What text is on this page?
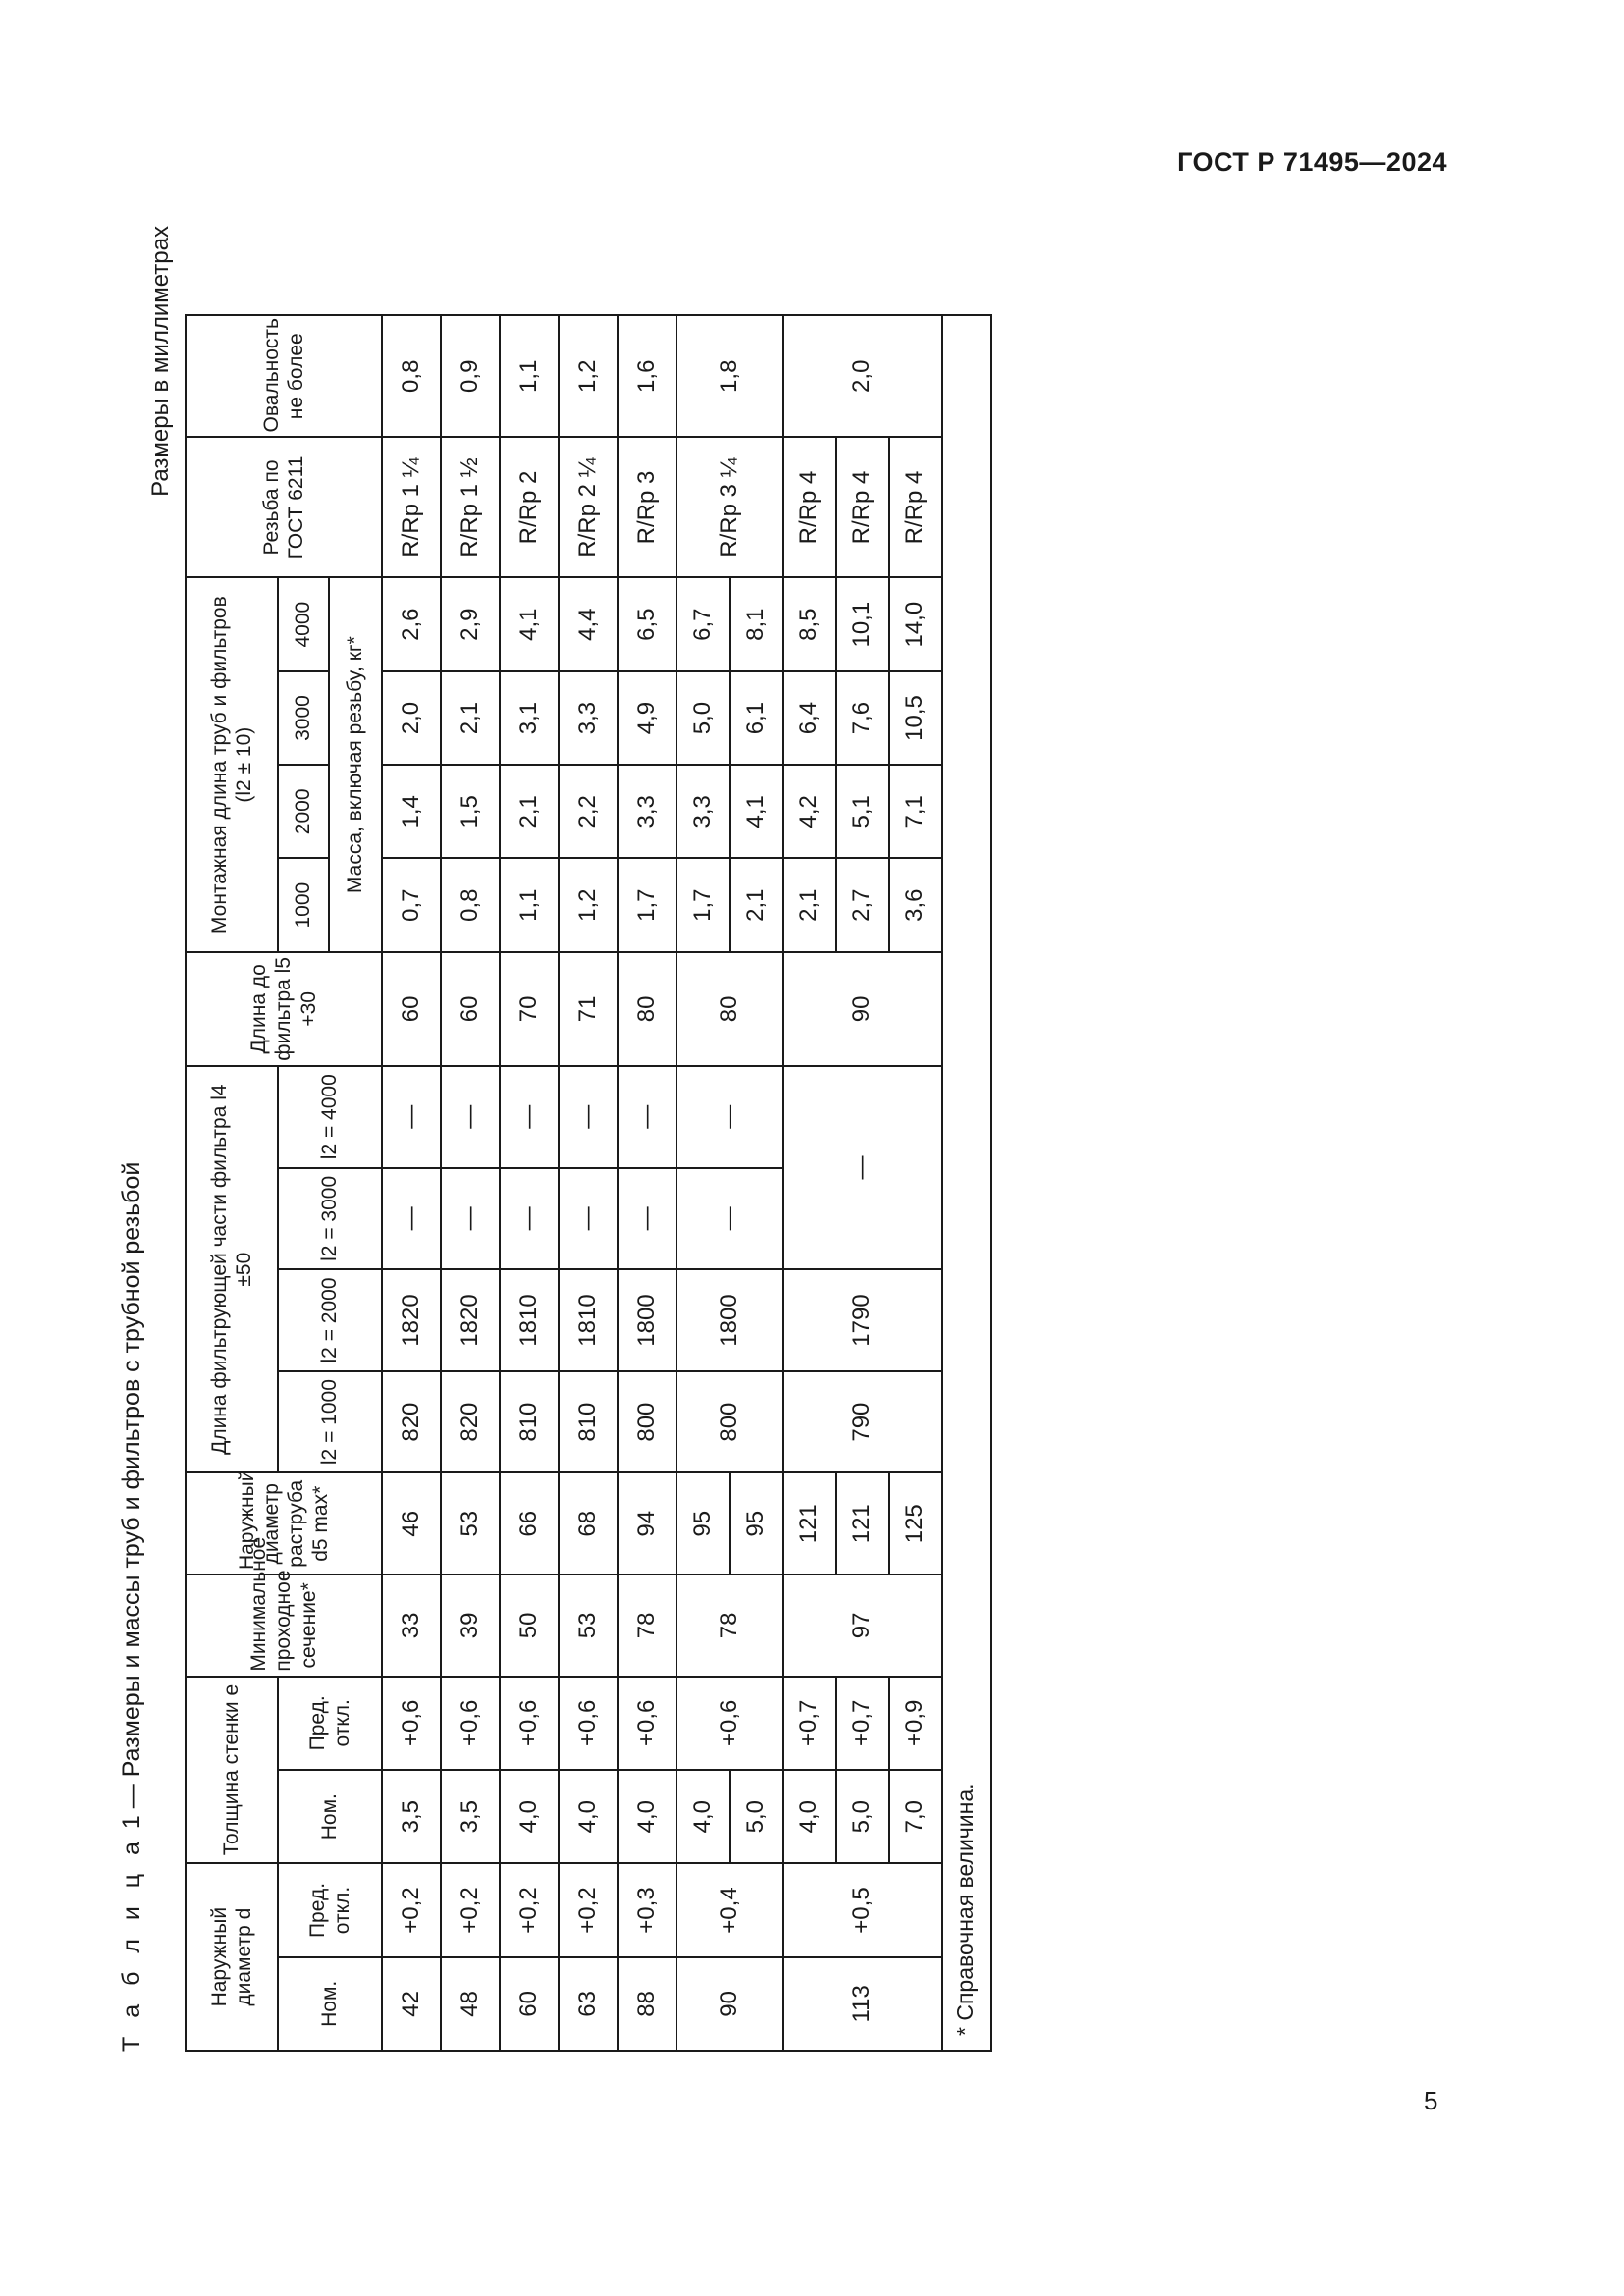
ГОСТ Р 71495—2024
5
Т а б л и ц а 1 — Размеры и массы труб и фильтров с трубной резьбой
Размеры в миллиметрах
Наружный диаметр d		Толщина стенки e		Минимальное проходное сечение*	Наружный диаметр раструба d5 max*	Длина фильтрующей части фильтра l4 ±50				Длина до фильтра l5 +30	Монтажная длина труб и фильтров (l2 ± 10)				Резьба по ГОСТ 6211	Овальность, не более
Ном.	Пред. откл.	Ном.	Пред. откл.			l2 = 1000	l2 = 2000	l2 = 3000	l2 = 4000		1000	2000	3000	4000		
											Масса, включая резьбу, кг*					
42	+0,2	3,5	+0,6	33	46	820	1820	—	—	60	0,7	1,4	2,0	2,6	R/Rp 1 ¼	0,8
48	+0,2	3,5	+0,6	39	53	820	1820	—	—	60	0,8	1,5	2,1	2,9	R/Rp 1 ½	0,9
60	+0,2	4,0	+0,6	50	66	810	1810	—	—	70	1,1	2,1	3,1	4,1	R/Rp 2	1,1
63	+0,2	4,0	+0,6	53	68	810	1810	—	—	71	1,2	2,2	3,3	4,4	R/Rp 2 ¼	1,2
88	+0,3	4,0	+0,6	78	94	800	1800	—	—	80	1,7	3,3	4,9	6,5	R/Rp 3	1,6
90	+0,4	4,0	+0,6	78	95	800	1800	—	—	80	1,7	3,3	5,0	6,7	R/Rp 3 ¼	1,8
		5,0			95						2,1	4,1	6,1	8,1		
113	+0,5	4,0	+0,7	97	121	790	1790	—		90	2,1	4,2	6,4	8,5	R/Rp 4	2,0
		5,0	+0,7		121						2,7	5,1	7,6	10,1	R/Rp 4	
		7,0	+0,9		125						3,6	7,1	10,5	14,0	R/Rp 4	
* Справочная величина.																
